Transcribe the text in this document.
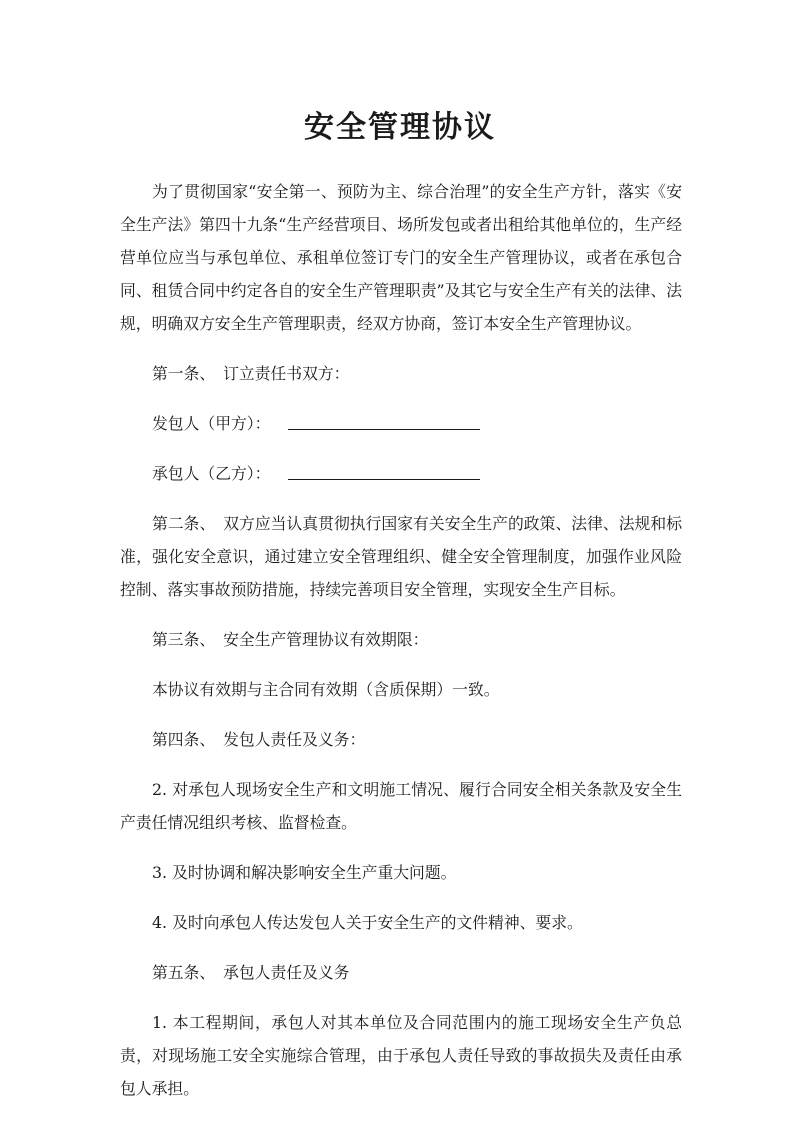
安全管理协议

为了贯彻国家“安全第一、预防为主、综合治理”的安全生产方针，落实《安全生产法》第四十九条“生产经营项目、场所发包或者出租给其他单位的，生产经营单位应当与承包单位、承租单位签订专门的安全生产管理协议，或者在承包合同、租赁合同中约定各自的安全生产管理职责”及其它与安全生产有关的法律、法规，明确双方安全生产管理职责，经双方协商，签订本安全生产管理协议。

第一条、　订立责任书双方：

发包人（甲方）：
承包人（乙方）：

第二条、　双方应当认真贯彻执行国家有关安全生产的政策、法律、法规和标准，强化安全意识，通过建立安全管理组织、健全安全管理制度，加强作业风险控制、落实事故预防措施，持续完善项目安全管理，实现安全生产目标。

第三条、　安全生产管理协议有效期限：

本协议有效期与主合同有效期（含质保期）一致。

第四条、　发包人责任及义务：

2. 对承包人现场安全生产和文明施工情况、履行合同安全相关条款及安全生产责任情况组织考核、监督检查。

3. 及时协调和解决影响安全生产重大问题。

4. 及时向承包人传达发包人关于安全生产的文件精神、要求。

第五条、　承包人责任及义务

1. 本工程期间，承包人对其本单位及合同范围内的施工现场安全生产负总责，对现场施工安全实施综合管理，由于承包人责任导致的事故损失及责任由承包人承担。
